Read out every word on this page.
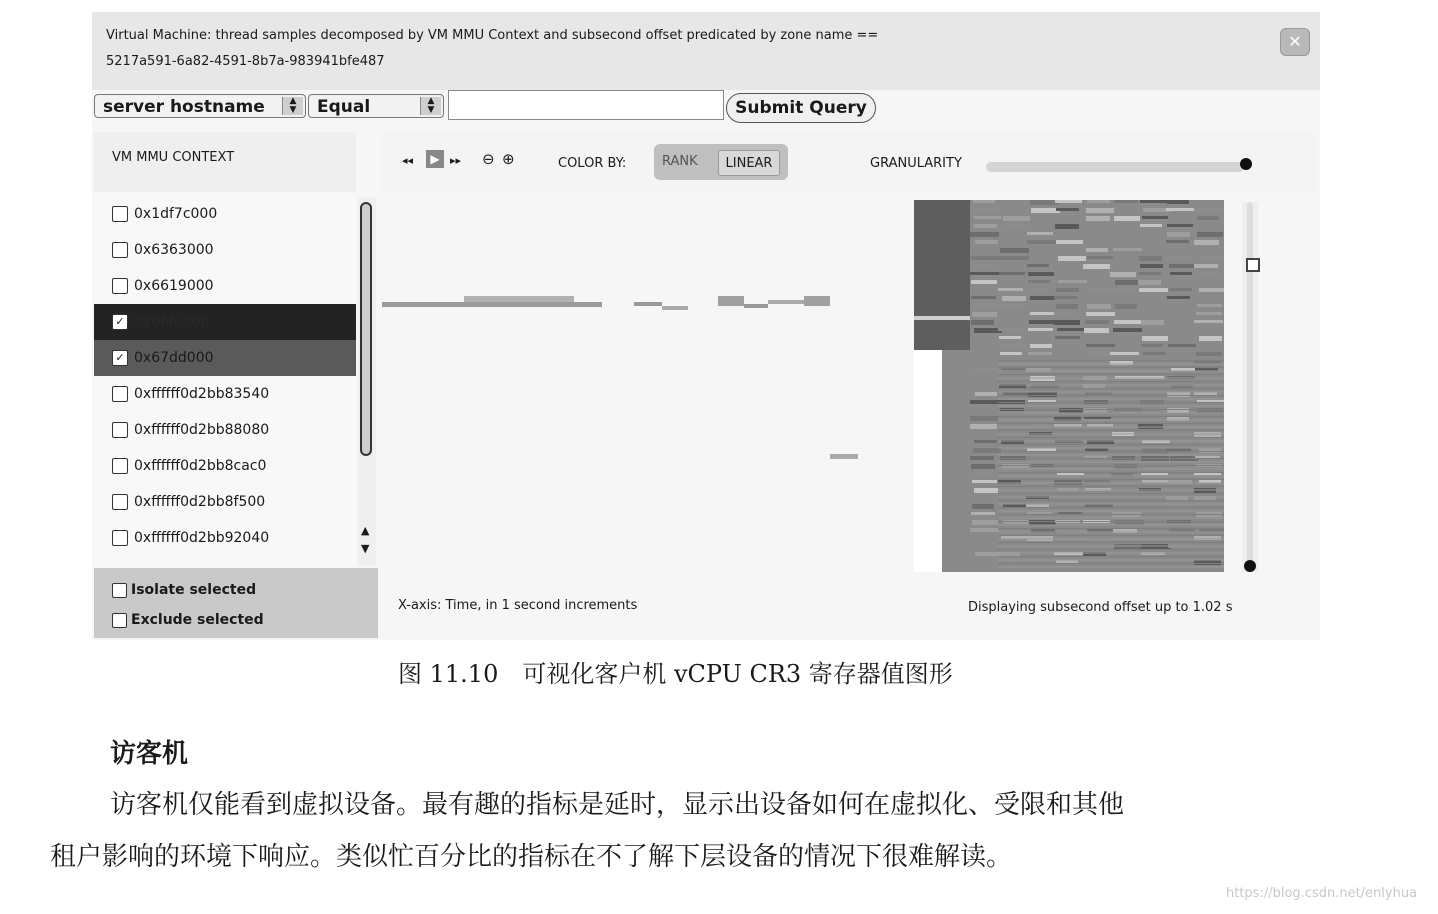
Virtual Machine: thread samples decomposed by VM MMU Context and subsecond offset predicated by zone name ==
5217a591-6a82-4591-8b7a-983941bfe487
✕
server hostname	▲
▼	Equal	▲
▼	Submit Query
VM MMU CONTEXT
0x1df7c000
0x6363000
0x6619000
✓ 0x66f0000
✓ 0x67dd000
0xffffff0d2bb83540
0xffffff0d2bb88080
0xffffff0d2bb8cac0
0xffffff0d2bb8f500
0xffffff0d2bb92040	▲
▼
Isolate selected
Exclude selected
◂◂	▶ ▸▸ ⊖ ⊕	COLOR BY:	RANK	LINEAR	GRANULARITY
X-axis: Time, in 1 second increments	Displaying subsecond offset up to 1.02 s
图 11.10　可视化客户机 vCPU CR3 寄存器值图形
访客机
访客机仅能看到虚拟设备。最有趣的指标是延时，显示出设备如何在虚拟化、受限和其他
租户影响的环境下响应。类似忙百分比的指标在不了解下层设备的情况下很难解读。
https://blog.csdn.net/enlyhua
